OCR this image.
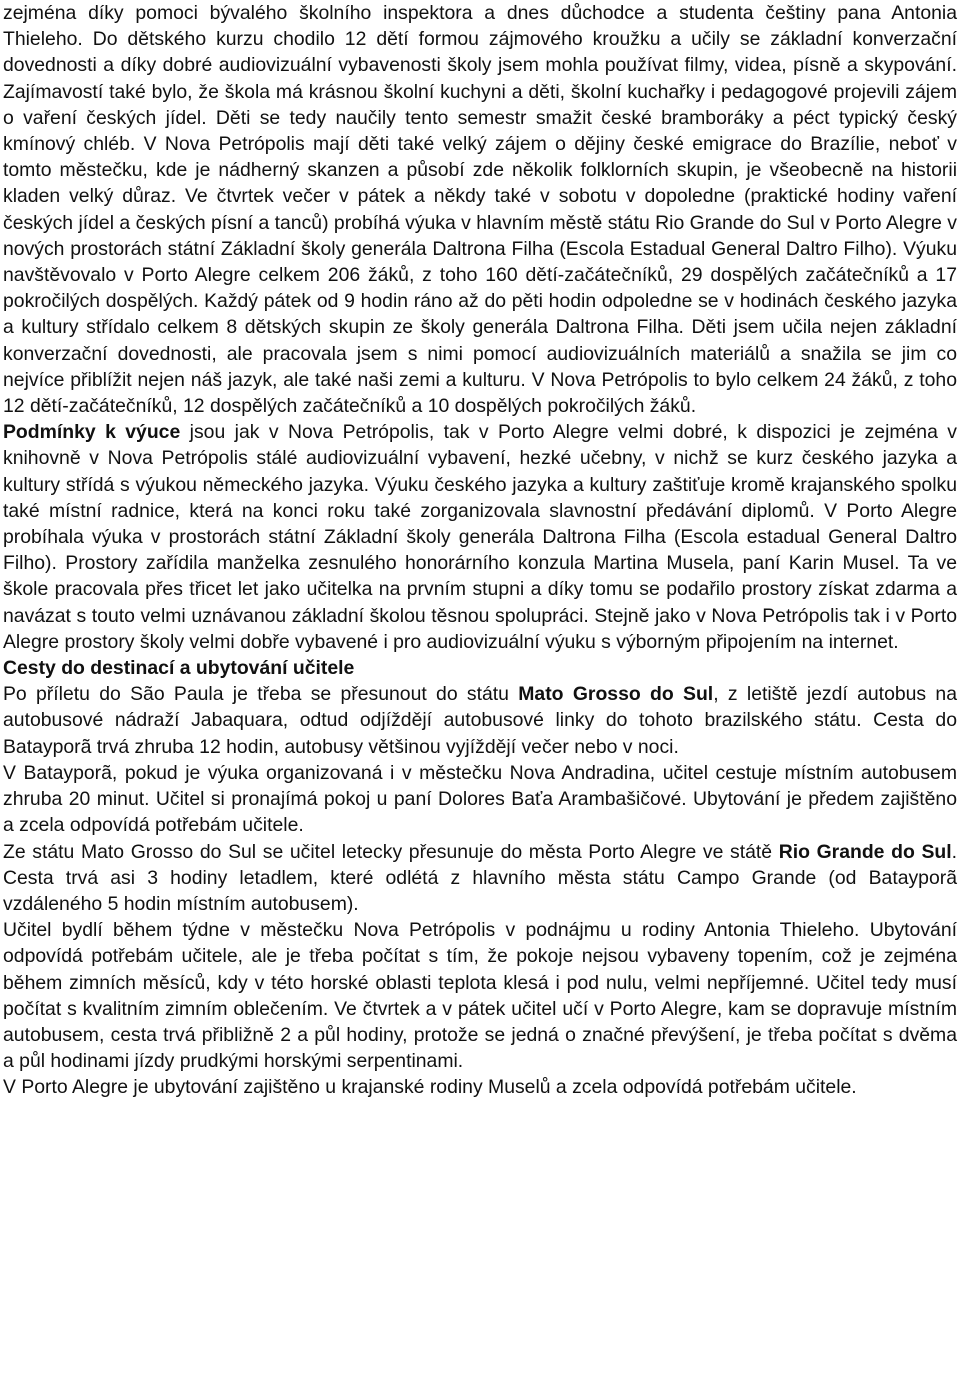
zejména díky pomoci bývalého školního inspektora a dnes důchodce a studenta češtiny pana Antonia Thieleho. Do dětského kurzu chodilo 12 dětí formou zájmového kroužku a učily se základní konverzační dovednosti a díky dobré audiovizuální vybavenosti školy jsem mohla používat filmy, videa, písně a skypování. Zajímavostí také bylo, že škola má krásnou školní kuchyni a děti, školní kuchařky i pedagogové projevili zájem o vaření českých jídel. Děti se tedy naučily tento semestr smažit české bramboráky a péct typický český kmínový chléb. V Nova Petrópolis mají děti také velký zájem o dějiny české emigrace do Brazílie, neboť v tomto městečku, kde je nádherný skanzen a působí zde několik folklorních skupin, je všeobecně na historii kladen velký důraz. Ve čtvrtek večer v pátek a někdy také v sobotu v dopoledne (praktické hodiny vaření českých jídel a českých písní a tanců) probíhá výuka v hlavním městě státu Rio Grande do Sul v Porto Alegre v nových prostorách státní Základní školy generála Daltrona Filha (Escola Estadual General Daltro Filho). Výuku navštěvovalo v Porto Alegre celkem 206 žáků, z toho 160 dětí-začátečníků, 29 dospělých začátečníků a 17 pokročilých dospělých. Každý pátek od 9 hodin ráno až do pěti hodin odpoledne se v hodinách českého jazyka a kultury střídalo celkem 8 dětských skupin ze školy generála Daltrona Filha. Děti jsem učila nejen základní konverzační dovednosti, ale pracovala jsem s nimi pomocí audiovizuálních materiálů a snažila se jim co nejvíce přiblížit nejen náš jazyk, ale také naši zemi a kulturu. V Nova Petrópolis to bylo celkem 24 žáků, z toho 12 dětí-začátečníků, 12 dospělých začátečníků a 10 dospělých pokročilých žáků.

Podmínky k výuce jsou jak v Nova Petrópolis, tak v Porto Alegre velmi dobré, k dispozici je zejména v knihovně v Nova Petrópolis stálé audiovizuální vybavení, hezké učebny, v nichž se kurz českého jazyka a kultury střídá s výukou německého jazyka. Výuku českého jazyka a kultury zaštiťuje kromě krajanského spolku také místní radnice, která na konci roku také zorganizovala slavnostní předávání diplomů. V Porto Alegre probíhala výuka v prostorách státní Základní školy generála Daltrona Filha (Escola estadual General Daltro Filho). Prostory zařídila manželka zesnulého honorárního konzula Martina Musela, paní Karin Musel. Ta ve škole pracovala přes třicet let jako učitelka na prvním stupni a díky tomu se podařilo prostory získat zdarma a navázat s touto velmi uznávanou základní školou těsnou spolupráci. Stejně jako v Nova Petrópolis tak i v Porto Alegre prostory školy velmi dobře vybavené i pro audiovizuální výuku s výborným připojením na internet.

Cesty do destinací a ubytování učitele

Po příletu do São Paula je třeba se přesunout do státu Mato Grosso do Sul, z letiště jezdí autobus na autobusové nádraží Jabaquara, odtud odjíždějí autobusové linky do tohoto brazilského státu. Cesta do Batayporã trvá zhruba 12 hodin, autobusy většinou vyjíždějí večer nebo v noci.

V Batayporã, pokud je výuka organizovaná i v městečku Nova Andradina, učitel cestuje místním autobusem zhruba 20 minut. Učitel si pronajímá pokoj u paní Dolores Baťa Arambašičové. Ubytování je předem zajištěno a zcela odpovídá potřebám učitele.

Ze státu Mato Grosso do Sul se učitel letecky přesunuje do města Porto Alegre ve státě Rio Grande do Sul. Cesta trvá asi 3 hodiny letadlem, které odlétá z hlavního města státu Campo Grande (od Batayporã vzdáleného 5 hodin místním autobusem).

Učitel bydlí během týdne v městečku Nova Petrópolis v podnájmu u rodiny Antonia Thieleho. Ubytování odpovídá potřebám učitele, ale je třeba počítat s tím, že pokoje nejsou vybaveny topením, což je zejména během zimních měsíců, kdy v této horské oblasti teplota klesá i pod nulu, velmi nepříjemné. Učitel tedy musí počítat s kvalitním zimním oblečením. Ve čtvrtek a v pátek učitel učí v Porto Alegre, kam se dopravuje místním autobusem, cesta trvá přibližně 2 a půl hodiny, protože se jedná o značné převýšení, je třeba počítat s dvěma a půl hodinami jízdy prudkými horskými serpentinami.

V Porto Alegre je ubytování zajištěno u krajanské rodiny Muselů a zcela odpovídá potřebám učitele.
